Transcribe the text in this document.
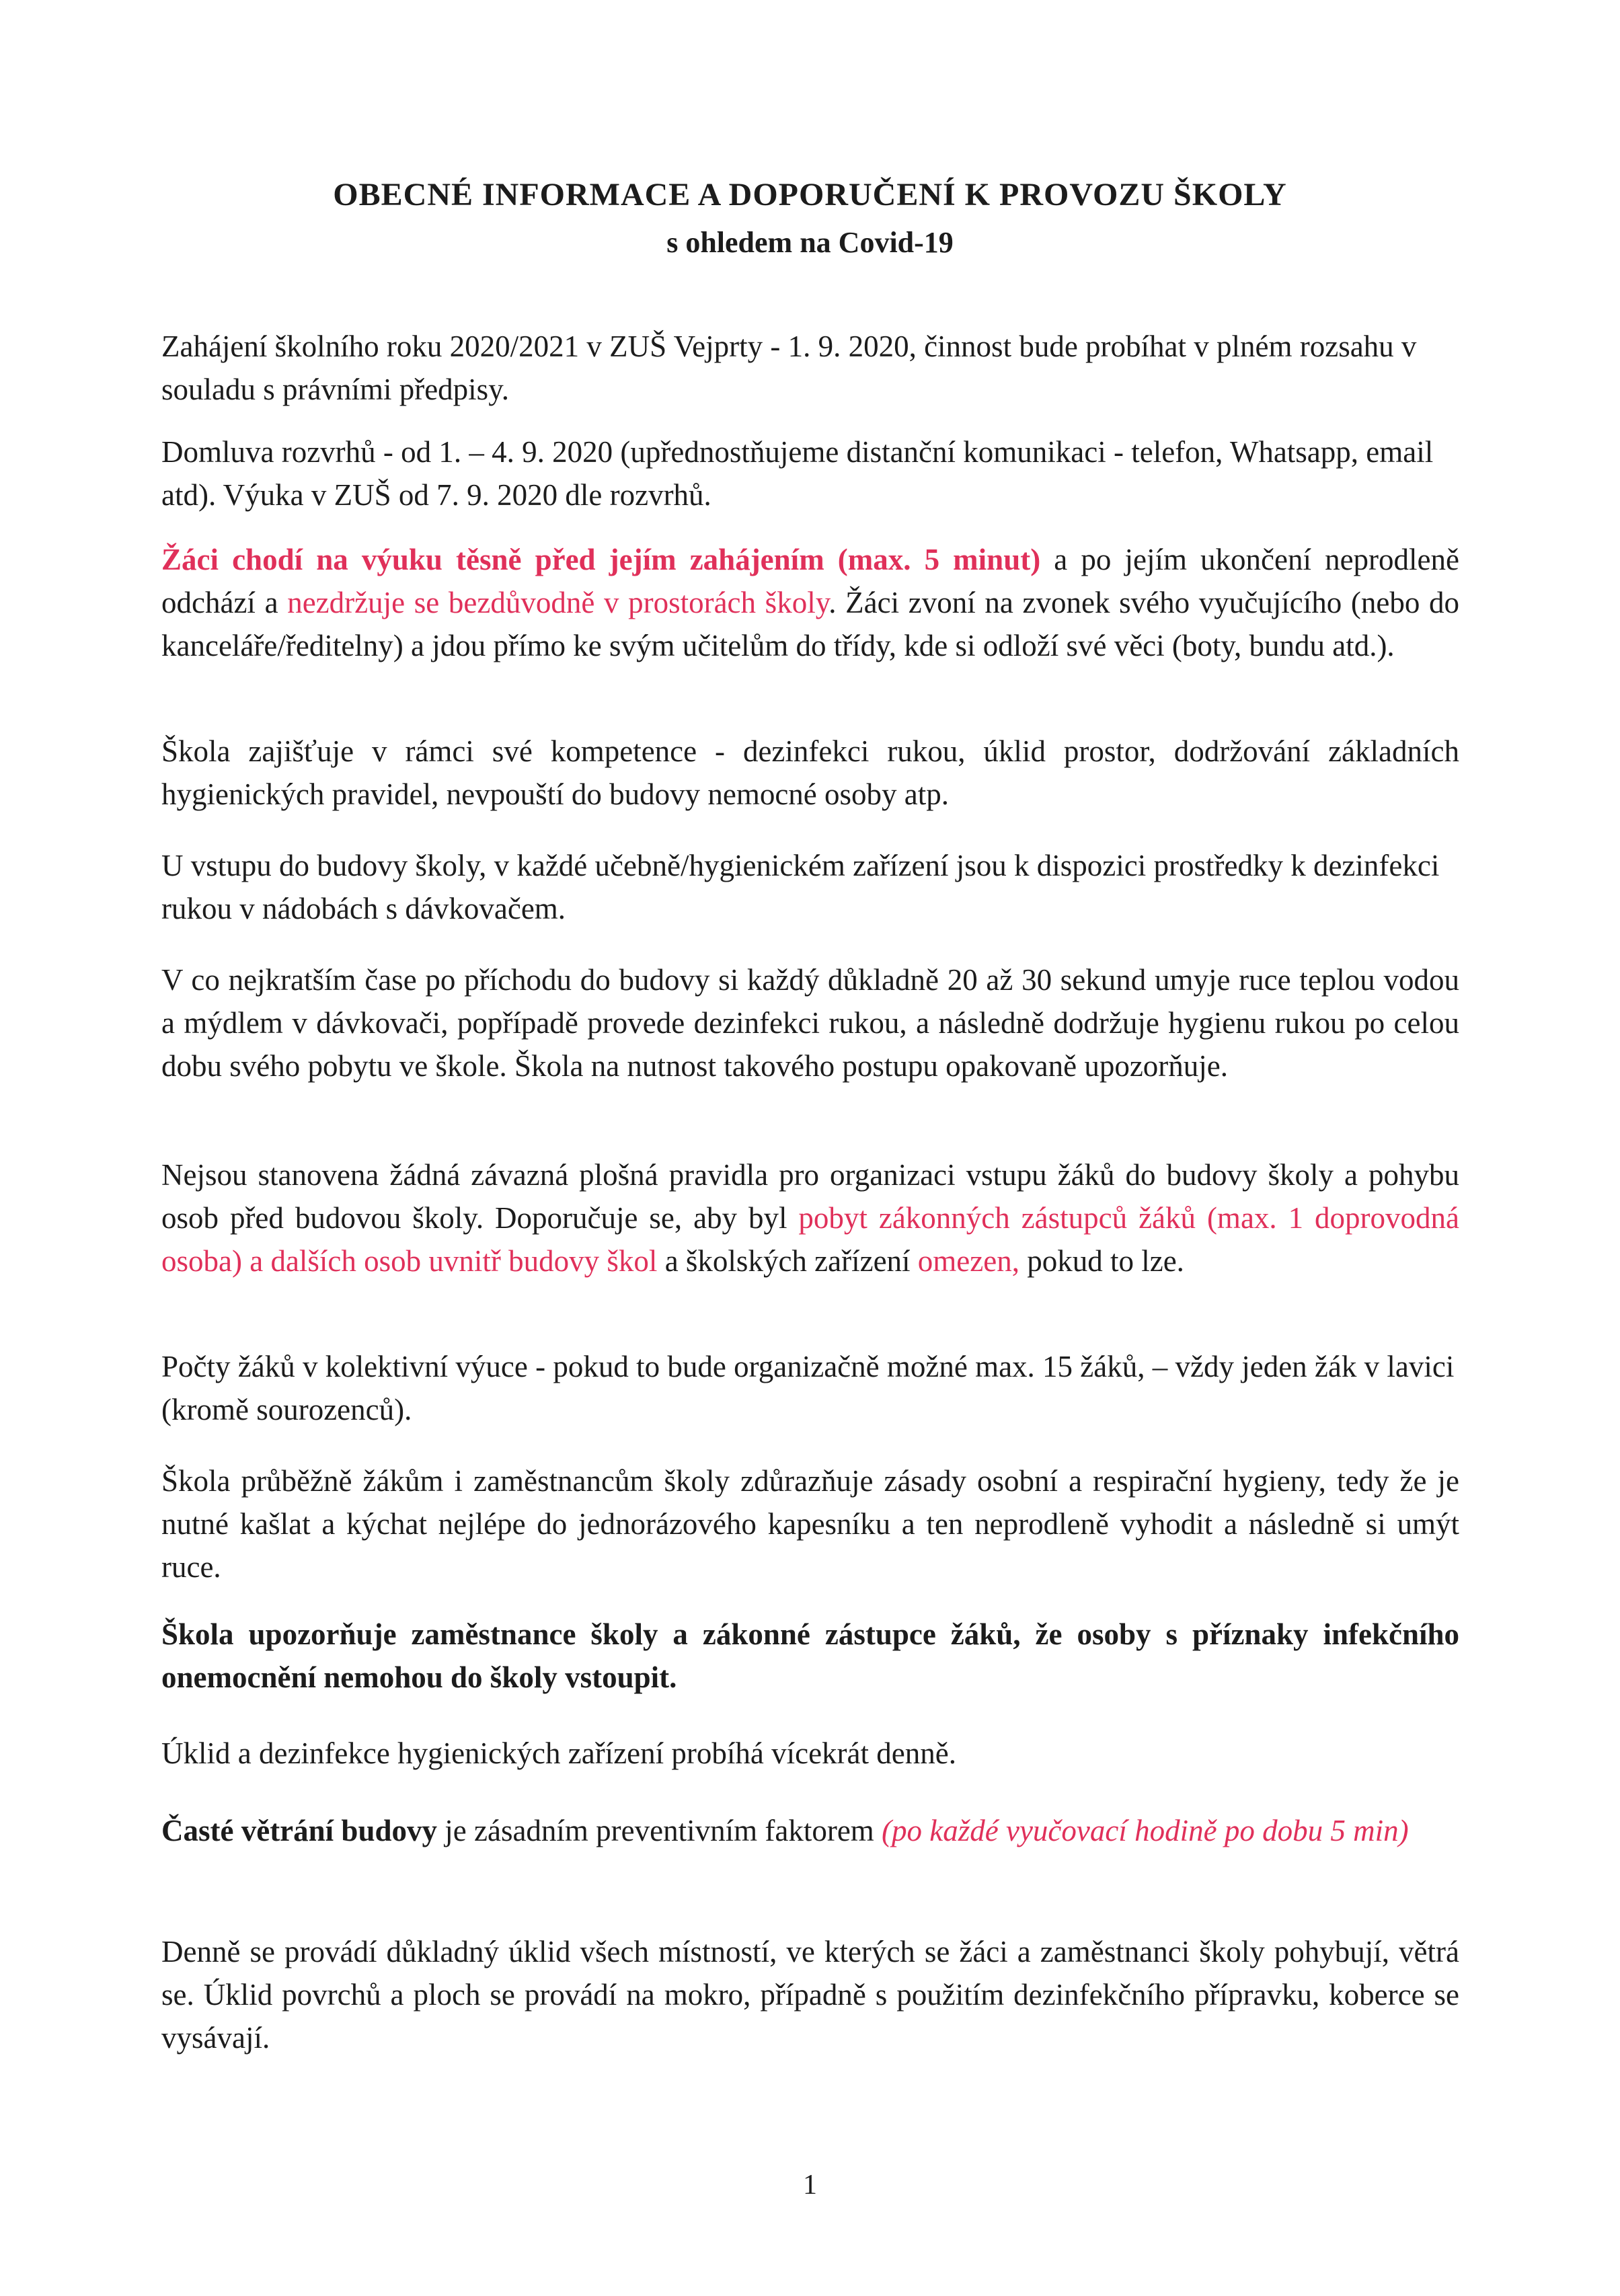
OBECNÉ INFORMACE A DOPORUČENÍ K PROVOZU ŠKOLY
s ohledem na Covid-19

Zahájení školního roku 2020/2021 v ZUŠ Vejprty - 1. 9. 2020, činnost bude probíhat v plném rozsahu v souladu s právními předpisy.

Domluva rozvrhů - od 1. – 4. 9. 2020 (upřednostňujeme distanční komunikaci - telefon, Whatsapp, email atd). Výuka v ZUŠ od 7. 9. 2020 dle rozvrhů.

Žáci chodí na výuku těsně před jejím zahájením (max. 5 minut) a po jejím ukončení neprodleně odchází a nezdržuje se bezdůvodně v prostorách školy. Žáci zvoní na zvonek svého vyučujícího (nebo do kanceláře/ředitelny) a jdou přímo ke svým učitelům do třídy, kde si odloží své věci (boty, bundu atd.).

Škola zajišťuje v rámci své kompetence - dezinfekci rukou, úklid prostor, dodržování základních hygienických pravidel, nevpouští do budovy nemocné osoby atp.

U vstupu do budovy školy, v každé učebně/hygienickém zařízení jsou k dispozici prostředky k dezinfekci rukou v nádobách s dávkovačem.

V co nejkratším čase po příchodu do budovy si každý důkladně 20 až 30 sekund umyje ruce teplou vodou a mýdlem v dávkovači, popřípadě provede dezinfekci rukou, a následně dodržuje hygienu rukou po celou dobu svého pobytu ve škole. Škola na nutnost takového postupu opakovaně upozorňuje.

Nejsou stanovena žádná závazná plošná pravidla pro organizaci vstupu žáků do budovy školy a pohybu osob před budovou školy. Doporučuje se, aby byl pobyt zákonných zástupců žáků (max. 1 doprovodná osoba) a dalších osob uvnitř budovy škol a školských zařízení omezen, pokud to lze.

Počty žáků v kolektivní výuce - pokud to bude organizačně možné max. 15 žáků, – vždy jeden žák v lavici (kromě sourozenců).

Škola průběžně žákům i zaměstnancům školy zdůrazňuje zásady osobní a respirační hygieny, tedy že je nutné kašlat a kýchat nejlépe do jednorázového kapesníku a ten neprodleně vyhodit a následně si umýt ruce.

Škola upozorňuje zaměstnance školy a zákonné zástupce žáků, že osoby s příznaky infekčního onemocnění nemohou do školy vstoupit.

Úklid a dezinfekce hygienických zařízení probíhá vícekrát denně.

Časté větrání budovy je zásadním preventivním faktorem (po každé vyučovací hodině po dobu 5 min)

Denně se provádí důkladný úklid všech místností, ve kterých se žáci a zaměstnanci školy pohybují, větrá se. Úklid povrchů a ploch se provádí na mokro, případně s použitím dezinfekčního přípravku, koberce se vysávají.

1
